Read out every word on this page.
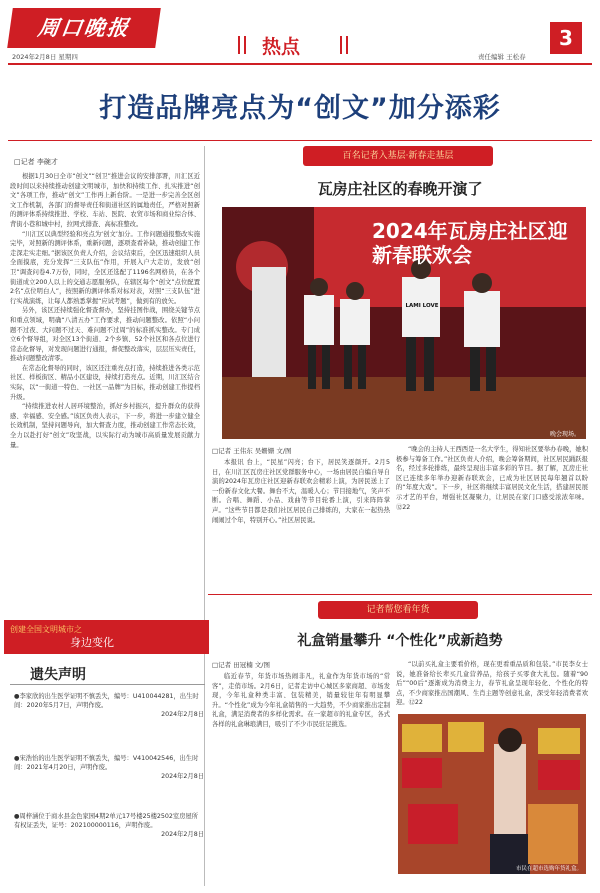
周口晚报
2024年2月8日 星期四	热点	责任编辑 王松春
3
打造品牌亮点为“创文”加分添彩
□记者 李碗才

根据1月30日全市“创文”“创卫”推进会议的安排部署，川汇区近段时间以来持续推动创建文明城市，加快和持续工作、扎实推进“创文”各项工作，推动“创文”工作再上新台阶。一是进一步完善全区创文工作机制，各部门的督导责任和街道社区的属地责任，严格对照新的测评体系持续推进、学校、车站、医院、农贸市场和商业综合体、背街小巷和城中村，拉网式排查、高标准整改。

“川汇区以典型经验和亮点为‘创文’加分。工作问题通报整改实施完毕，对照新的测评体系，重新问题，逐项查看补缺，推动创建工作走深走实走细。”据该区负责人介绍，会议结束后，全区迅速组织人员全面摸底，充分发挥“三支队伍”作用，开展入户大走访，发放“创卫”调查问卷4.7万份，同时，全区还选配了1196名网格员，在各个街道成立200人以上的交通志愿服务队，在辖区每个“创文”点位配置2名“点位明白人”，按照新的测评体系对标对表，对照“三支队伍”进行实战演练，让每人都熟悉掌握“应试考题”，做到有的放矢。

另外，该区还持续强化督查督办，坚持挂图作战，围绕关键节点和重点领域，明确“八清五办”工作要求，推动问题整改。依照“小问题不过夜、大问题不过天、难问题不过周”的标准抓实整改。专门成立6个督导组，对全区13个街道、2个乡镇、52个社区和各点位进行常态化督导，对发现问题进行通报，督促整改落实，层层压实责任，推动问题整改清零。

在常态化督导的同时，该区还注重亮点打造，持续推进各类示范社区、样板街区、精品小区建设，持续打造亮点。近期，川汇区结合实际，以“一街道一特色、一社区一品牌”为目标，推动创建工作提档升级。

“持续推进农村人居环境整治，抓好乡村振兴，提升群众的获得感、幸福感、安全感。”该区负责人表示，下一步，将进一步建立健全长效机制，坚持问题导向，加大督查力度，推动创建工作常态长效，全力以赴打好“创文”攻坚战，以实际行动为城市高质量发展贡献力量。

百名记者入基层·新春走基层
瓦房庄社区的春晚开演了
2024年瓦房庄社区迎新春联欢会
LAMI LOVE
晚会现场。
□记者 王伟东 吴姗姗 文/图

本报讯 台上，“民星”闪亮；台下，居民笑逐颜开。2月5日，在川汇区瓦房庄社区党群服务中心，一场由居民自编自导自演的2024年瓦房庄社区迎新春联欢会精彩上演，为居民送上了一份新春文化大餐。舞台不大，温暖人心；节目接地气，笑声不断。合唱、舞蹈、小品、戏曲等节目轮番上演，引来阵阵掌声。“这些节目都是我们社区居民自己排练的，大家在一起热热闹闹过个年，特别开心。”社区居民说。

“晚会的主持人王西西是一名大学生，得知社区要举办春晚，她积极参与筹备工作。”社区负责人介绍，晚会筹备期间，社区居民踊跃报名，经过多轮排练，最终呈现出丰富多彩的节目。据了解，瓦房庄社区已连续多年举办迎新春联欢会，已成为社区居民每年翘首以盼的“年度大戏”。下一步，社区将继续丰富居民文化生活，搭建居民展示才艺的平台，增强社区凝聚力，让居民在家门口感受浓浓年味。⑫22

创建全国文明城市之
身边变化
遗失声明
●李家欣的出生医学证明不慎丢失，编号：U410044281，出生时间：2020年5月7日，声明作废。
2024年2月8日
●宋浩怡的出生医学证明不慎丢失，编号：V410042546，出生时间：2021年4月20日，声明作废。
2024年2月8日
●周梓涵位于商水县金色家园4期2单元17号楼25楼2502室房屋所有权证丢失，证号：202100000116，声明作废。
2024年2月8日
记者帮您看年货
礼盒销量攀升 “个性化”成新趋势
□记者 田冠楠 文/图

临近春节，年货市场热闹非凡，礼盒作为年货市场的“常客”，走俏市场。2月6日，记者走访中心城区多家商超、市场发现，今年礼盒种类丰富、包装精美，销量较往年有明显攀升。“个性化”成为今年礼盒销售的一大趋势，不少商家推出定制礼盒，满足消费者的多样化需求。在一家超市的礼盒专区，各式各样的礼盒琳琅满目，吸引了不少市民驻足挑选。

“以前买礼盒主要看价格，现在更看重品质和包装。”市民李女士说，她准备给长辈买几盒营养品，给孩子买零食大礼包。随着“90后”“00后”逐渐成为消费主力，春节礼盒呈现年轻化、个性化的特点，不少商家推出国潮风、生肖主题等创意礼盒，深受年轻消费者欢迎。⑫22

市民在超市选购年货礼盒。
